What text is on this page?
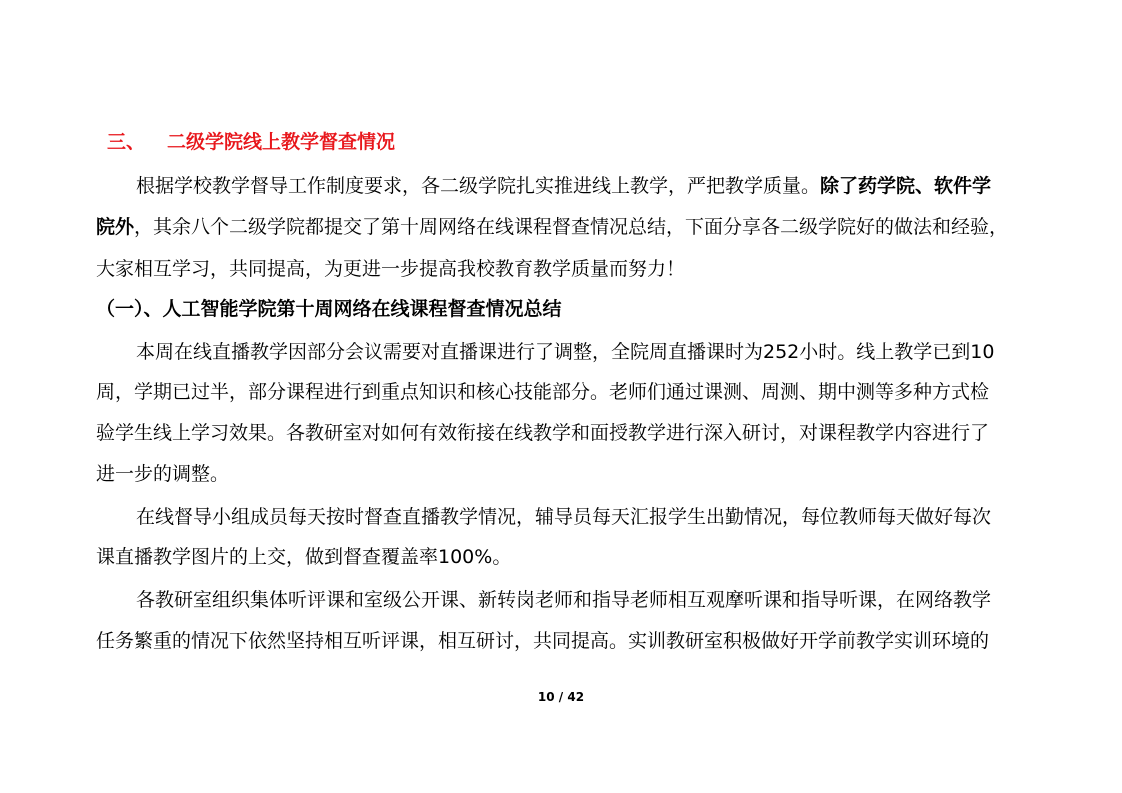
三、 二级学院线上教学督查情况
根据学校教学督导工作制度要求，各二级学院扎实推进线上教学，严把教学质量。除了药学院、软件学
院外，其余八个二级学院都提交了第十周网络在线课程督查情况总结，下面分享各二级学院好的做法和经验，
大家相互学习，共同提高，为更进一步提高我校教育教学质量而努力！
（一）、人工智能学院第十周网络在线课程督查情况总结
本周在线直播教学因部分会议需要对直播课进行了调整，全院周直播课时为252小时。线上教学已到10
周，学期已过半，部分课程进行到重点知识和核心技能部分。老师们通过课测、周测、期中测等多种方式检
验学生线上学习效果。各教研室对如何有效衔接在线教学和面授教学进行深入研讨，对课程教学内容进行了
进一步的调整。
在线督导小组成员每天按时督查直播教学情况，辅导员每天汇报学生出勤情况，每位教师每天做好每次
课直播教学图片的上交，做到督查覆盖率100%。
各教研室组织集体听评课和室级公开课、新转岗老师和指导老师相互观摩听课和指导听课，在网络教学
任务繁重的情况下依然坚持相互听评课，相互研讨，共同提高。实训教研室积极做好开学前教学实训环境的
10 / 42
